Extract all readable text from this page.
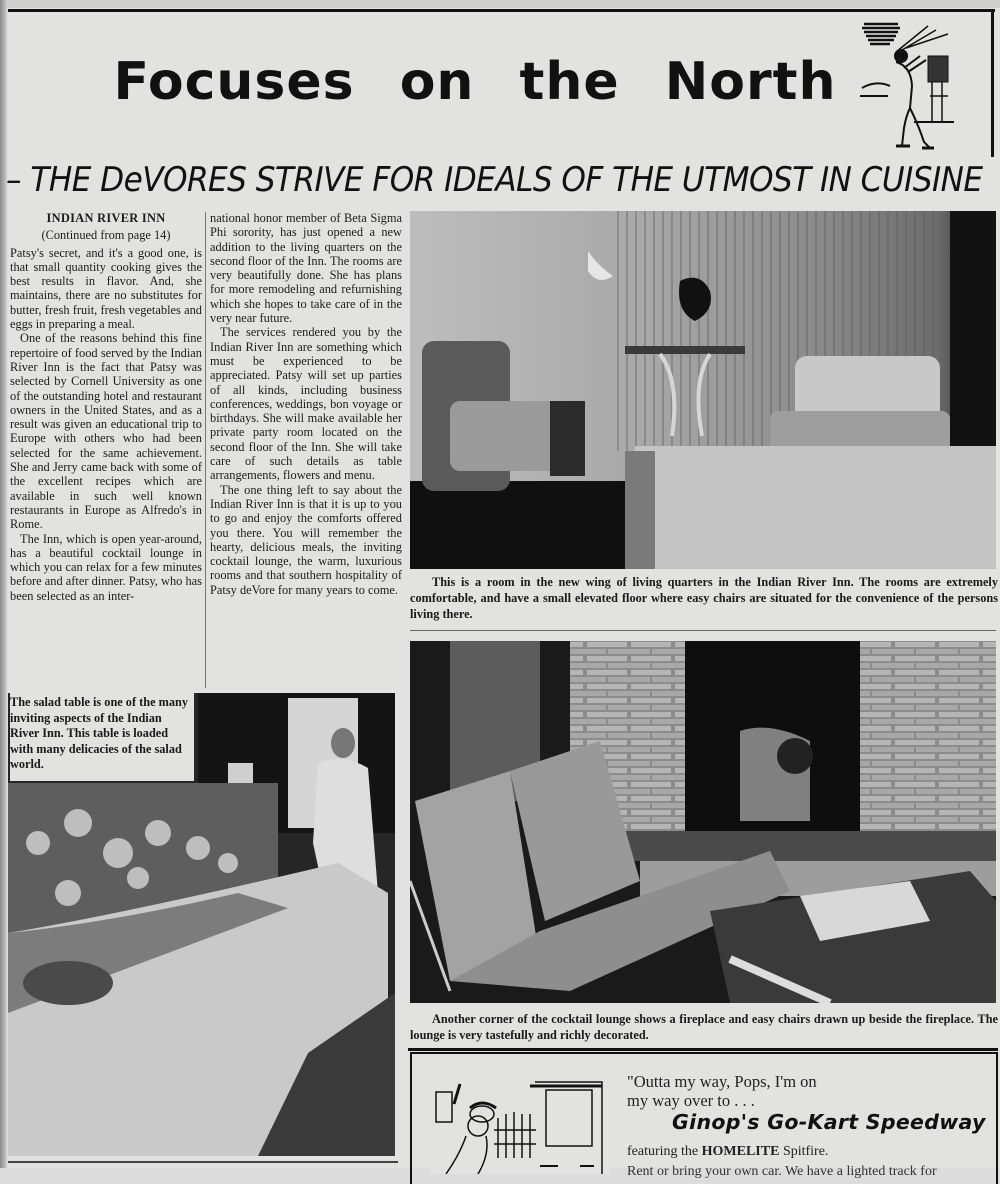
Focuses on the North
– THE DeVORES STRIVE FOR IDEALS OF THE UTMOST IN CUISINE
INDIAN RIVER INN
(Continued from page 14)

Patsy's secret, and it's a good one, is that small quantity cooking gives the best results in flavor. And, she maintains, there are no substitutes for butter, fresh fruit, fresh vegetables and eggs in preparing a meal.

One of the reasons behind this fine repertoire of food served by the Indian River Inn is the fact that Patsy was selected by Cornell University as one of the outstanding hotel and restaurant owners in the United States, and as a result was given an educational trip to Europe with others who had been selected for the same achievement. She and Jerry came back with some of the excellent recipes which are available in such well known restaurants in Europe as Alfredo's in Rome.

The Inn, which is open year-around, has a beautiful cocktail lounge in which you can relax for a few minutes before and after dinner. Patsy, who has been selected as an inter-

national honor member of Beta Sigma Phi sorority, has just opened a new addition to the living quarters on the second floor of the Inn. The rooms are very beautifully done. She has plans for more remodeling and refurnishing which she hopes to take care of in the very near future.

The services rendered you by the Indian River Inn are something which must be experienced to be appreciated. Patsy will set up parties of all kinds, including business conferences, weddings, bon voyage or birthdays. She will make available her private party room located on the second floor of the Inn. She will take care of such details as table arrangements, flowers and menu.

The one thing left to say about the Indian River Inn is that it is up to you to go and enjoy the comforts offered you there. You will remember the hearty, delicious meals, the inviting cocktail lounge, the warm, luxurious rooms and that southern hospitality of Patsy deVore for many years to come.

This is a room in the new wing of living quarters in the Indian River Inn. The rooms are extremely comfortable, and have a small elevated floor where easy chairs are situated for the convenience of the persons living there.
Another corner of the cocktail lounge shows a fireplace and easy chairs drawn up beside the fireplace. The lounge is very tastefully and richly decorated.
The salad table is one of the many inviting aspects of the Indian River Inn. This table is loaded with many delicacies of the salad world.
"Outta my way, Pops, I'm on
my way over to . . .
Ginop's Go-Kart Speedway
featuring the HOMELITE Spitfire.
Rent or bring your own car. We have a lighted track for
